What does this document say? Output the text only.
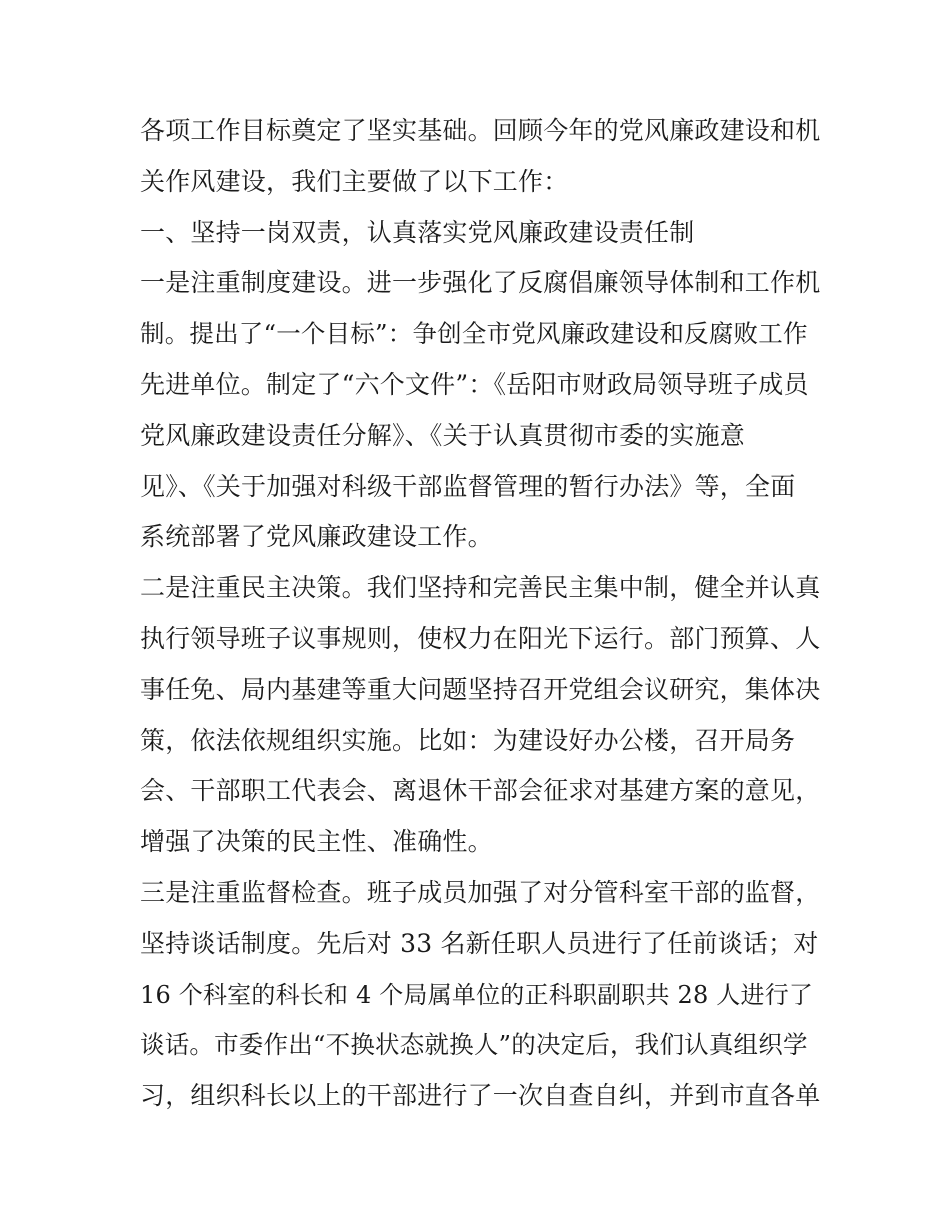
各项工作目标奠定了坚实基础。回顾今年的党风廉政建设和机
关作风建设，我们主要做了以下工作：
一、坚持一岗双责，认真落实党风廉政建设责任制
一是注重制度建设。进一步强化了反腐倡廉领导体制和工作机
制。提出了“一个目标”：争创全市党风廉政建设和反腐败工作
先进单位。制定了“六个文件”：《岳阳市财政局领导班子成员
党风廉政建设责任分解》、《关于认真贯彻市委的实施意
见》、《关于加强对科级干部监督管理的暂行办法》等，全面
系统部署了党风廉政建设工作。
二是注重民主决策。我们坚持和完善民主集中制，健全并认真
执行领导班子议事规则，使权力在阳光下运行。部门预算、人
事任免、局内基建等重大问题坚持召开党组会议研究，集体决
策，依法依规组织实施。比如：为建设好办公楼，召开局务
会、干部职工代表会、离退休干部会征求对基建方案的意见，
增强了决策的民主性、准确性。
三是注重监督检查。班子成员加强了对分管科室干部的监督，
坚持谈话制度。先后对 33 名新任职人员进行了任前谈话；对
16 个科室的科长和 4 个局属单位的正科职副职共 28 人进行了
谈话。市委作出“不换状态就换人”的决定后，我们认真组织学
习，组织科长以上的干部进行了一次自查自纠，并到市直各单
